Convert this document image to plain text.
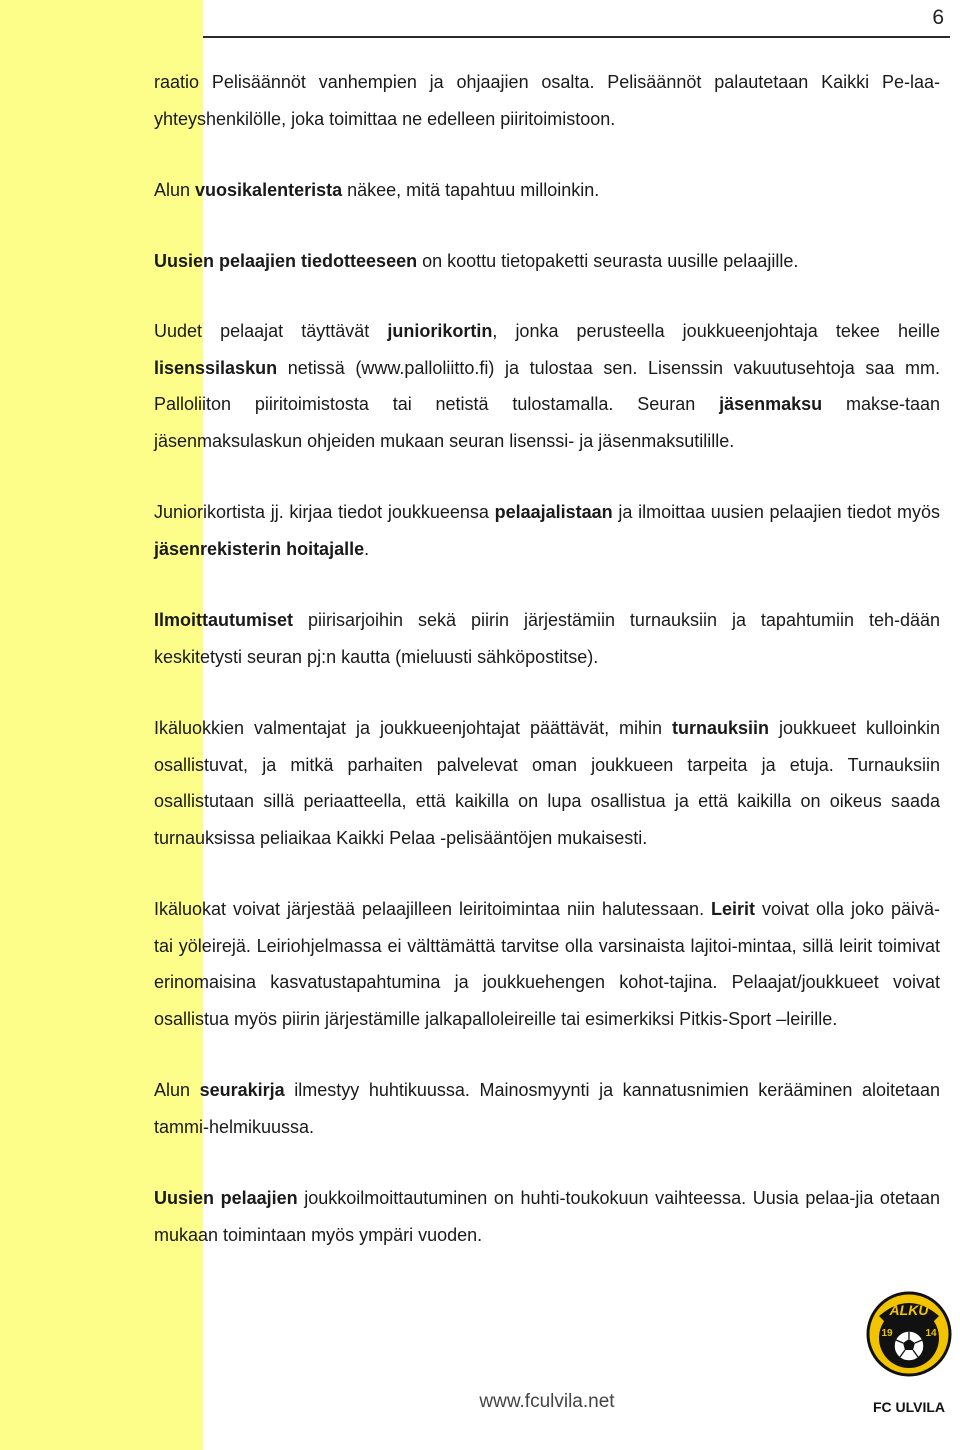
6

raatio Pelisäännöt vanhempien ja ohjaajien osalta. Pelisäännöt palautetaan Kaikki Pe-laa-yhteyshenkilölle, joka toimittaa ne edelleen piiritoimistoon.

Alun vuosikalenterista näkee, mitä tapahtuu milloinkin.

Uusien pelaajien tiedotteeseen on koottu tietopaketti seurasta uusille pelaajille.

Uudet pelaajat täyttävät juniorikortin, jonka perusteella joukkueenjohtaja tekee heille lisenssilaskun netissä (www.palloliitto.fi) ja tulostaa sen. Lisenssin vakuutusehtoja saa mm. Palloliiton piiritoimistosta tai netistä tulostamalla. Seuran jäsenmaksu makse-taan jäsenmaksulaskun ohjeiden mukaan seuran lisenssi- ja jäsenmaksutilille.

Juniorikortista jj. kirjaa tiedot joukkueensa pelaajalistaan ja ilmoittaa uusien pelaajien tiedot myös jäsenrekisterin hoitajalle.

Ilmoittautumiset piirisarjoihin sekä piirin järjestämiin turnauksiin ja tapahtumiin teh-dään keskitetysti seuran pj:n kautta (mieluusti sähköpostitse).

Ikäluokkien valmentajat ja joukkueenjohtajat päättävät, mihin turnauksiin joukkueet kulloinkin osallistuvat, ja mitkä parhaiten palvelevat oman joukkueen tarpeita ja etuja. Turnauksiin osallistutaan sillä periaatteella, että kaikilla on lupa osallistua ja että kaikilla on oikeus saada turnauksissa peliaikaa Kaikki Pelaa -pelisääntöjen mukaisesti.

Ikäluokat voivat järjestää pelaajilleen leiritoimintaa niin halutessaan. Leirit voivat olla joko päivä- tai yöleirejä. Leiriohjelmassa ei välttämättä tarvitse olla varsinaista lajitoi-mintaa, sillä leirit toimivat erinomaisina kasvatustapahtumina ja joukkuehengen kohot-tajina. Pelaajat/joukkueet voivat osallistua myös piirin järjestämille jalkapalloleireille tai esimerkiksi Pitkis-Sport –leirille.

Alun seurakirja ilmestyy huhtikuussa. Mainosmyynti ja kannatusnimien kerääminen aloitetaan tammi-helmikuussa.

Uusien pelaajien joukkoilmoittautuminen on huhti-toukokuun vaihteessa. Uusia pelaa-jia otetaan mukaan toimintaan myös ympäri vuoden.

www.fculvila.net
ALKU
19	14
FC ULVILA
